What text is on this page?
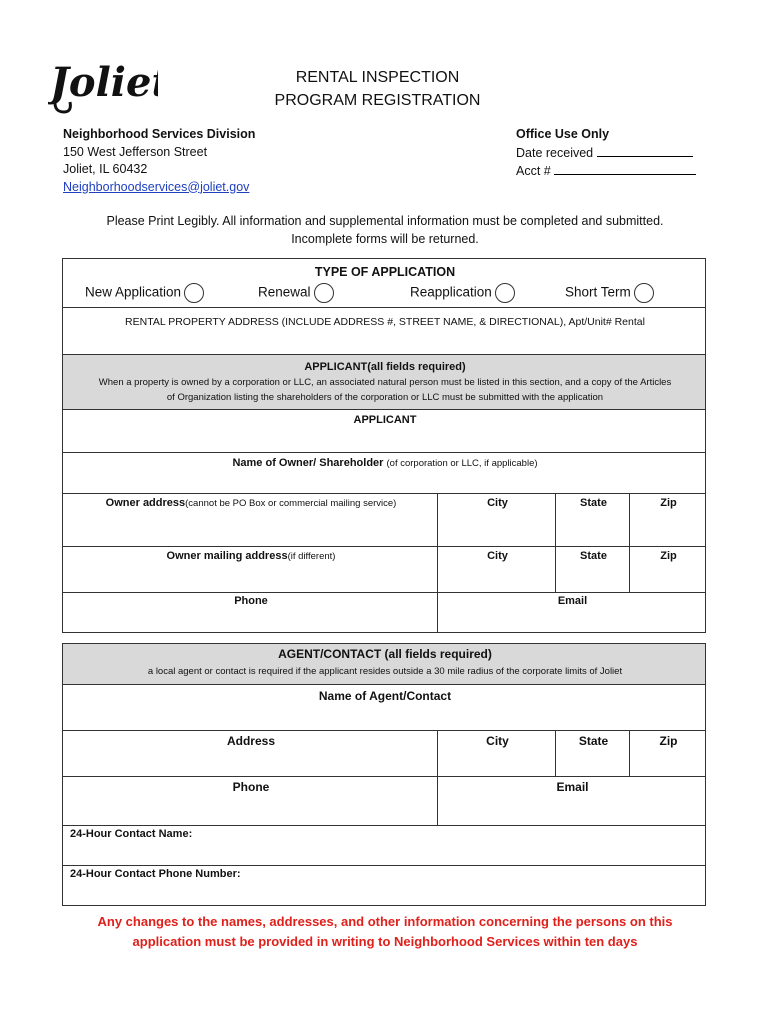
Joliet	RENTAL INSPECTION
PROGRAM REGISTRATION
Neighborhood Services Division
150 West Jefferson Street
Joliet, IL 60432
Neighborhoodservices@joliet.gov
Office Use Only
Date received
Acct #
Please Print Legibly. All information and supplemental information must be completed and submitted.
Incomplete forms will be returned.
TYPE OF APPLICATION
New Application	Renewal	Reapplication	Short Term
RENTAL PROPERTY ADDRESS (INCLUDE ADDRESS #, STREET NAME, & DIRECTIONAL), Apt/Unit# Rental
APPLICANT(all fields required)
When a property is owned by a corporation or LLC, an associated natural person must be listed in this section, and a copy of the Articles
of Organization listing the shareholders of the corporation or LLC must be submitted with the application
APPLICANT
Name of Owner/ Shareholder (of corporation or LLC, if applicable)
Owner address(cannot be PO Box or commercial mailing service)	City	State	Zip
Owner mailing address(if different)	City	State	Zip
Phone	Email
AGENT/CONTACT (all fields required)
a local agent or contact is required if the applicant resides outside a 30 mile radius of the corporate limits of Joliet
Name of Agent/Contact
Address	City	State	Zip
Phone	Email
24-Hour Contact Name:
24-Hour Contact Phone Number:
Any changes to the names, addresses, and other information concerning the persons on this
application must be provided in writing to Neighborhood Services within ten days
